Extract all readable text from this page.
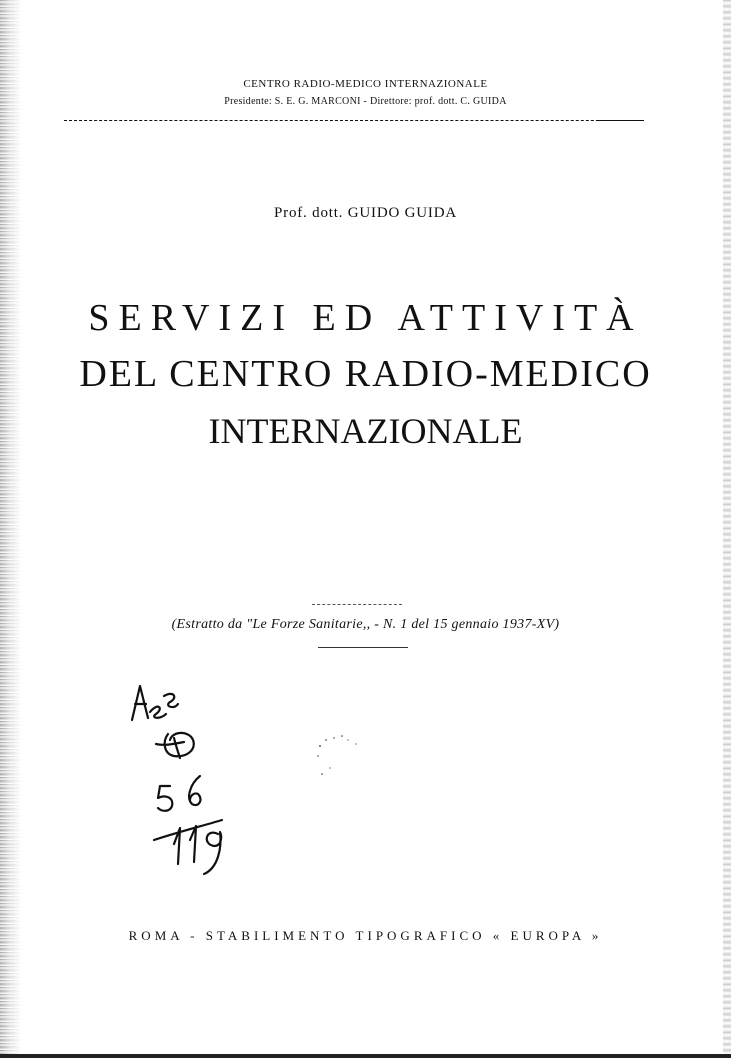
CENTRO RADIO-MEDICO INTERNAZIONALE
Presidente: S. E. G. MARCONI - Direttore: prof. dott. C. GUIDA
Prof. dott. GUIDO GUIDA
SERVIZI ED ATTIVITÀ
DEL CENTRO RADIO-MEDICO
INTERNAZIONALE
(Estratto da "Le Forze Sanitarie,, - N. 1 del 15 gennaio 1937-XV)
ROMA - STABILIMENTO TIPOGRAFICO « EUROPA »
